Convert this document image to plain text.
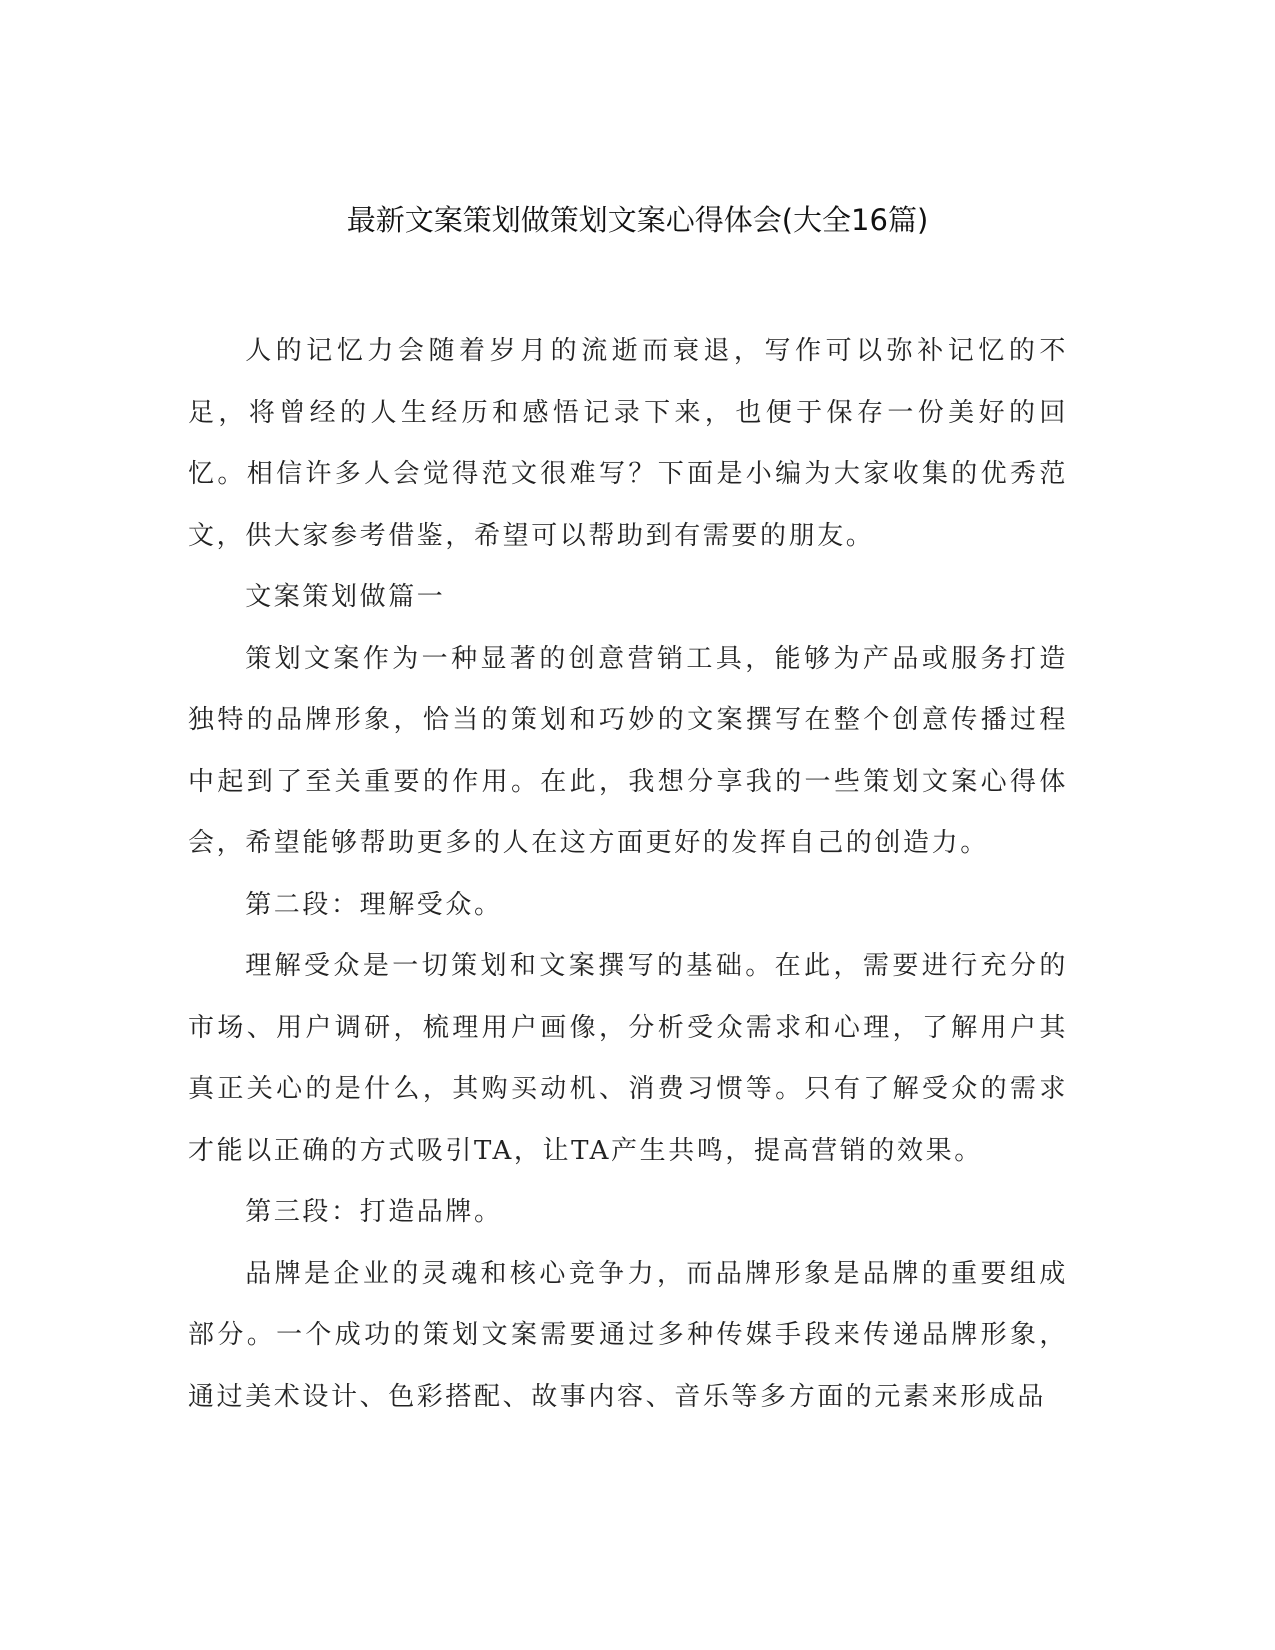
最新文案策划做策划文案心得体会(大全16篇)

人的记忆力会随着岁月的流逝而衰退，写作可以弥补记忆的不足，将曾经的人生经历和感悟记录下来，也便于保存一份美好的回忆。相信许多人会觉得范文很难写？下面是小编为大家收集的优秀范文，供大家参考借鉴，希望可以帮助到有需要的朋友。

文案策划做篇一

策划文案作为一种显著的创意营销工具，能够为产品或服务打造独特的品牌形象，恰当的策划和巧妙的文案撰写在整个创意传播过程中起到了至关重要的作用。在此，我想分享我的一些策划文案心得体会，希望能够帮助更多的人在这方面更好的发挥自己的创造力。

第二段：理解受众。

理解受众是一切策划和文案撰写的基础。在此，需要进行充分的市场、用户调研，梳理用户画像，分析受众需求和心理，了解用户其真正关心的是什么，其购买动机、消费习惯等。只有了解受众的需求才能以正确的方式吸引TA，让TA产生共鸣，提高营销的效果。

第三段：打造品牌。

品牌是企业的灵魂和核心竞争力，而品牌形象是品牌的重要组成部分。一个成功的策划文案需要通过多种传媒手段来传递品牌形象，通过美术设计、色彩搭配、故事内容、音乐等多方面的元素来形成品
